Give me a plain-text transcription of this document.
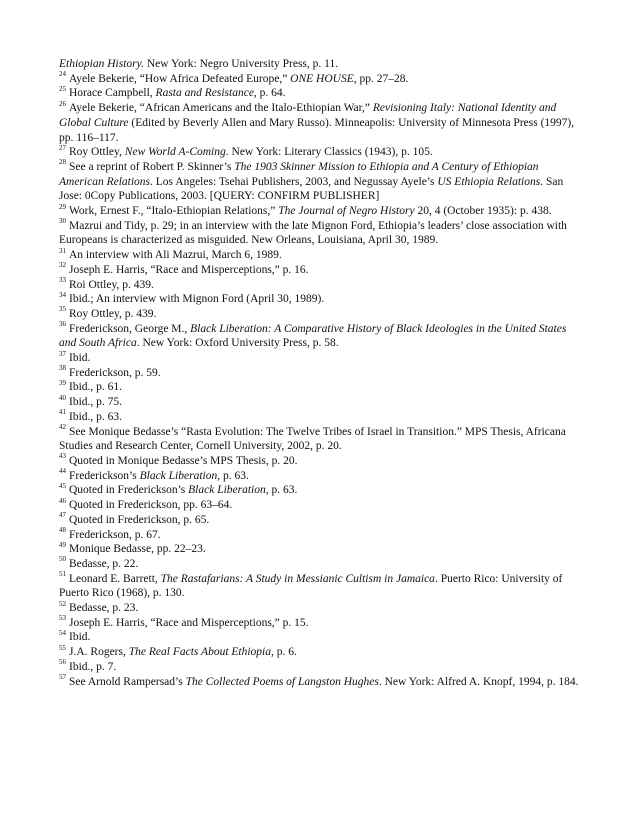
Ethiopian History. New York: Negro University Press, p. 11.

$^{24}$ Ayele Bekerie, “How Africa Defeated Europe,” ONE HOUSE, pp. 27–28.

$^{25}$ Horace Campbell, Rasta and Resistance, p. 64.

$^{26}$ Ayele Bekerie, “African Americans and the Italo-Ethiopian War,” Revisioning Italy: National Identity and Global Culture (Edited by Beverly Allen and Mary Russo). Minneapolis: University of Minnesota Press (1997), pp. 116–117.

$^{27}$ Roy Ottley, New World A-Coming. New York: Literary Classics (1943), p. 105.

$^{28}$ See a reprint of Robert P. Skinner’s The 1903 Skinner Mission to Ethiopia and A Century of Ethiopian American Relations. Los Angeles: Tsehai Publishers, 2003, and Negussay Ayele’s US Ethiopia Relations. San Jose: 0Copy Publications, 2003. [QUERY: CONFIRM PUBLISHER]

$^{29}$ Work, Ernest F., “Italo-Ethiopian Relations,” The Journal of Negro History 20, 4 (October 1935): p. 438.

$^{30}$ Mazrui and Tidy, p. 29; in an interview with the late Mignon Ford, Ethiopia’s leaders’ close association with Europeans is characterized as misguided. New Orleans, Louisiana, April 30, 1989.

$^{31}$ An interview with Ali Mazrui, March 6, 1989.

$^{32}$ Joseph E. Harris, “Race and Misperceptions,” p. 16.

$^{33}$ Roi Ottley, p. 439.

$^{34}$ Ibid.; An interview with Mignon Ford (April 30, 1989).

$^{35}$ Roy Ottley, p. 439.

$^{36}$ Frederickson, George M., Black Liberation: A Comparative History of Black Ideologies in the United States and South Africa. New York: Oxford University Press, p. 58.

$^{37}$ Ibid.

$^{38}$ Frederickson, p. 59.

$^{39}$ Ibid., p. 61.

$^{40}$ Ibid., p. 75.

$^{41}$ Ibid., p. 63.

$^{42}$ See Monique Bedasse’s “Rasta Evolution: The Twelve Tribes of Israel in Transition.” MPS Thesis, Africana Studies and Research Center, Cornell University, 2002, p. 20.

$^{43}$ Quoted in Monique Bedasse’s MPS Thesis, p. 20.

$^{44}$ Frederickson’s Black Liberation, p. 63.

$^{45}$ Quoted in Frederickson’s Black Liberation, p. 63.

$^{46}$ Quoted in Frederickson, pp. 63–64.

$^{47}$ Quoted in Frederickson, p. 65.

$^{48}$ Frederickson, p. 67.

$^{49}$ Monique Bedasse, pp. 22–23.

$^{50}$ Bedasse, p. 22.

$^{51}$ Leonard E. Barrett, The Rastafarians: A Study in Messianic Cultism in Jamaica. Puerto Rico: University of Puerto Rico (1968), p. 130.

$^{52}$ Bedasse, p. 23.

$^{53}$ Joseph E. Harris, “Race and Misperceptions,” p. 15.

$^{54}$ Ibid.

$^{55}$ J.A. Rogers, The Real Facts About Ethiopia, p. 6.

$^{56}$ Ibid., p. 7.

$^{57}$ See Arnold Rampersad’s The Collected Poems of Langston Hughes. New York: Alfred A. Knopf, 1994, p. 184.
